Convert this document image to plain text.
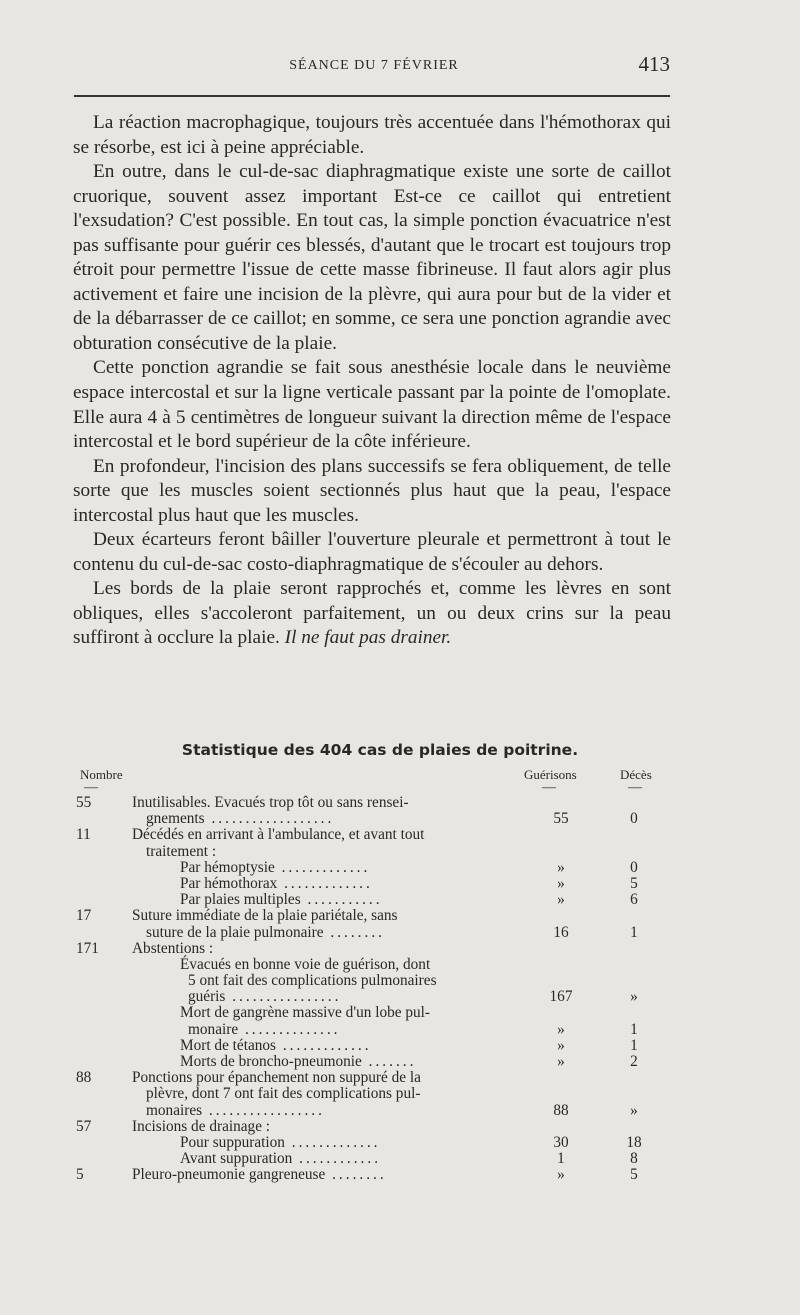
SÉANCE DU 7 FÉVRIER	413

La réaction macrophagique, toujours très accentuée dans l'hémothorax qui se résorbe, est ici à peine appréciable.

En outre, dans le cul-de-sac diaphragmatique existe une sorte de caillot cruorique, souvent assez important Est-ce ce caillot qui entretient l'exsudation? C'est possible. En tout cas, la simple ponction évacuatrice n'est pas suffisante pour guérir ces blessés, d'autant que le trocart est toujours trop étroit pour permettre l'issue de cette masse fibrineuse. Il faut alors agir plus activement et faire une incision de la plèvre, qui aura pour but de la vider et de la débarrasser de ce caillot; en somme, ce sera une ponction agrandie avec obturation consécutive de la plaie.

Cette ponction agrandie se fait sous anesthésie locale dans le neuvième espace intercostal et sur la ligne verticale passant par la pointe de l'omoplate. Elle aura 4 à 5 centimètres de longueur suivant la direction même de l'espace intercostal et le bord supérieur de la côte inférieure.

En profondeur, l'incision des plans successifs se fera obliquement, de telle sorte que les muscles soient sectionnés plus haut que la peau, l'espace intercostal plus haut que les muscles.

Deux écarteurs feront bâiller l'ouverture pleurale et permettront à tout le contenu du cul-de-sac costo-diaphragmatique de s'écouler au dehors.

Les bords de la plaie seront rapprochés et, comme les lèvres en sont obliques, elles s'accoleront parfaitement, un ou deux crins sur la peau suffiront à occlure la plaie. Il ne faut pas drainer.

Statistique des 404 cas de plaies de poitrine.
Nombre	Guérisons	Décès
—	—	—
55	Inutilisables. Evacués trop tôt ou sans rensei-
gnements ..................	55	0
11	Décédés en arrivant à l'ambulance, et avant tout
traitement :
Par hémoptysie .............	»	0
Par hémothorax .............	»	5
Par plaies multiples ...........	»	6
17	Suture immédiate de la plaie pariétale, sans
suture de la plaie pulmonaire ........	16	1
171	Abstentions :
Évacués en bonne voie de guérison, dont
5 ont fait des complications pulmonaires
guéris ................	167	»
Mort de gangrène massive d'un lobe pul-
monaire ..............	»	1
Mort de tétanos .............	»	1
Morts de broncho-pneumonie .......	»	2
88	Ponctions pour épanchement non suppuré de la
plèvre, dont 7 ont fait des complications pul-
monaires .................	88	»
57	Incisions de drainage :
Pour suppuration .............	30	18
Avant suppuration ............	1	8
5	Pleuro-pneumonie gangreneuse ........	»	5
